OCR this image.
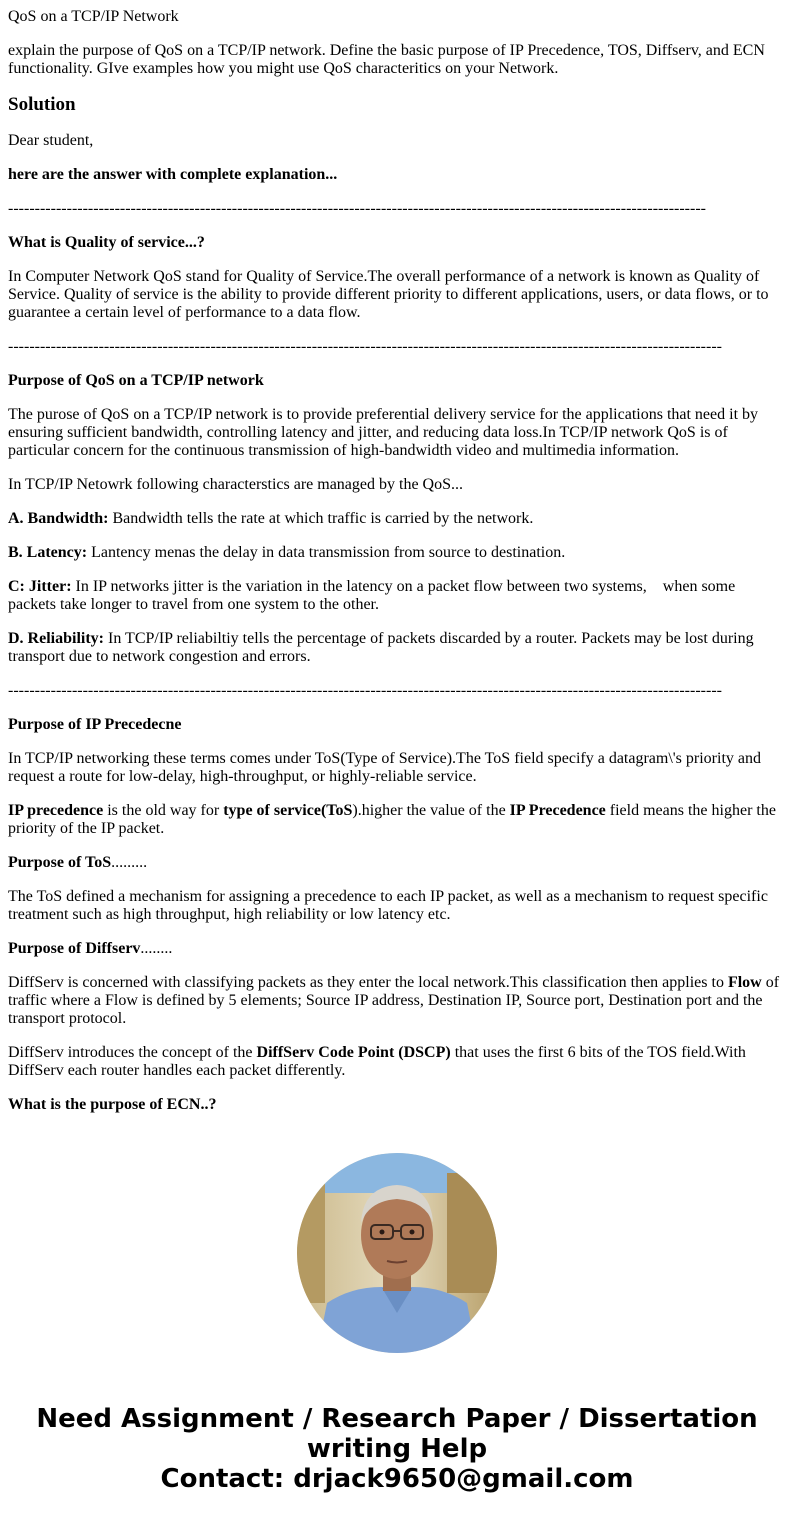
QoS on a TCP/IP Network

explain the purpose of QoS on a TCP/IP network. Define the basic purpose of IP Precedence, TOS, Diffserv, and ECN functionality. GIve examples how you might use QoS characteritics on your Network.

Solution

Dear student,

here are the answer with complete explanation...

-----------------------------------------------------------------------------------------------------------------------------------

What is Quality of service...?

In Computer Network QoS stand for Quality of Service.The overall performance of a network is known as Quality of Service. Quality of service is the ability to provide different priority to different applications, users, or data flows, or to guarantee a certain level of performance to a data flow.

--------------------------------------------------------------------------------------------------------------------------------------

Purpose of QoS on a TCP/IP network

The purose of QoS on a TCP/IP network is to provide preferential delivery service for the applications that need it by ensuring sufficient bandwidth, controlling latency and jitter, and reducing data loss.In TCP/IP network QoS is of particular concern for the continuous transmission of high-bandwidth video and multimedia information.

In TCP/IP Netowrk following characterstics are managed by the QoS...

A. Bandwidth: Bandwidth tells the rate at which traffic is carried by the network.

B. Latency: Lantency menas the delay in data transmission from source to destination.

C: Jitter: In IP networks jitter is the variation in the latency on a packet flow between two systems, when some packets take longer to travel from one system to the other.

D. Reliability: In TCP/IP reliabiltiy tells the percentage of packets discarded by a router. Packets may be lost during transport due to network congestion and errors.

--------------------------------------------------------------------------------------------------------------------------------------

Purpose of IP Precedecne

In TCP/IP networking these terms comes under ToS(Type of Service).The ToS field specify a datagram\'s priority and request a route for low-delay, high-throughput, or highly-reliable service.

IP precedence is the old way for type of service(ToS).higher the value of the IP Precedence field means the higher the priority of the IP packet.

Purpose of ToS.........

The ToS defined a mechanism for assigning a precedence to each IP packet, as well as a mechanism to request specific treatment such as high throughput, high reliability or low latency etc.

Purpose of Diffserv........

DiffServ is concerned with classifying packets as they enter the local network.This classification then applies to Flow of traffic where a Flow is defined by 5 elements; Source IP address, Destination IP, Source port, Destination port and the transport protocol.

DiffServ introduces the concept of the DiffServ Code Point (DSCP) that uses the first 6 bits of the TOS field.With DiffServ each router handles each packet differently.

What is the purpose of ECN..?

Need Assignment / Research Paper / Dissertation
writing Help
Contact: drjack9650@gmail.com
